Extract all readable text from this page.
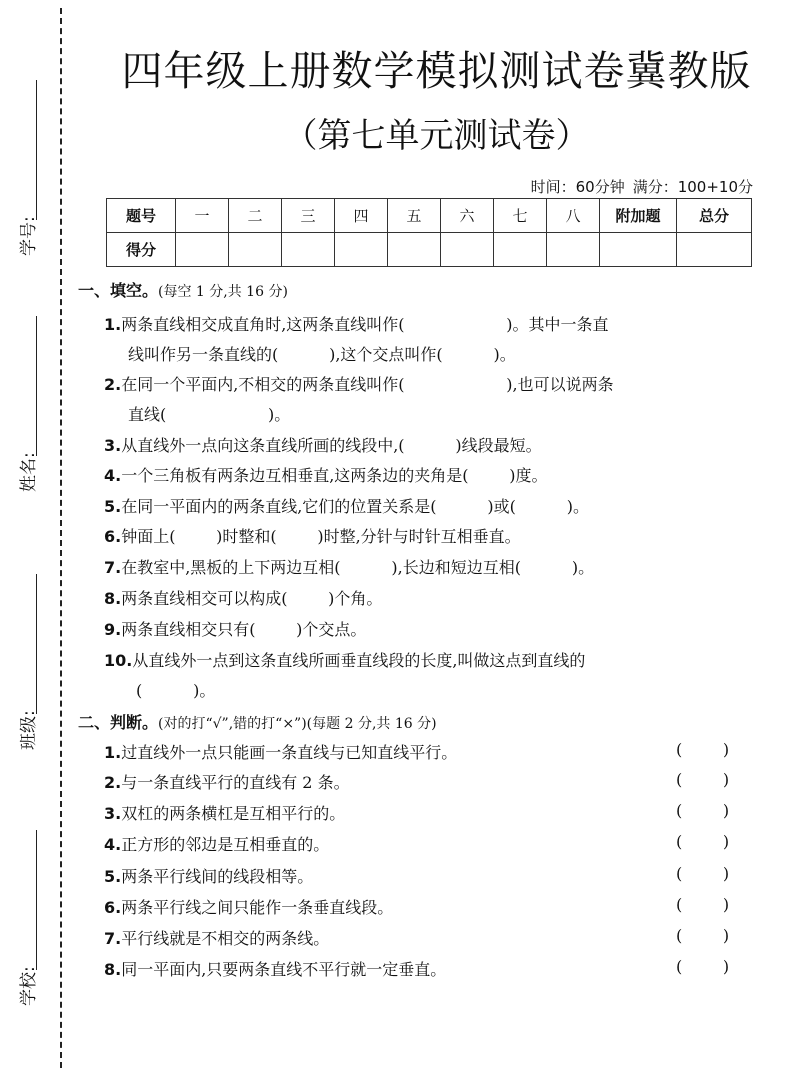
学号:
姓名:
班级:
学校:
四年级上册数学模拟测试卷冀教版
（第七单元测试卷）
时间：60分钟 满分：100+10分
题号	一	二	三	四	五	六	七	八	附加题	总分
得分										
一、填空。(每空 1 分,共 16 分)
1.两条直线相交成直角时,这两条直线叫作(                    )。其中一条直
线叫作另一条直线的(          ),这个交点叫作(          )。
2.在同一个平面内,不相交的两条直线叫作(                    ),也可以说两条
直线(                    )。
3.从直线外一点向这条直线所画的线段中,(          )线段最短。
4.一个三角板有两条边互相垂直,这两条边的夹角是(        )度。
5.在同一平面内的两条直线,它们的位置关系是(          )或(          )。
6.钟面上(        )时整和(        )时整,分针与时针互相垂直。
7.在教室中,黑板的上下两边互相(          ),长边和短边互相(          )。
8.两条直线相交可以构成(        )个角。
9.两条直线相交只有(        )个交点。
10.从直线外一点到这条直线所画垂直线段的长度,叫做这点到直线的
(          )。
二、判断。(对的打“√”,错的打“×”)(每题 2 分,共 16 分)
1.过直线外一点只能画一条直线与已知直线平行。	(        )
2.与一条直线平行的直线有 2 条。	(        )
3.双杠的两条横杠是互相平行的。	(        )
4.正方形的邻边是互相垂直的。	(        )
5.两条平行线间的线段相等。	(        )
6.两条平行线之间只能作一条垂直线段。	(        )
7.平行线就是不相交的两条线。	(        )
8.同一平面内,只要两条直线不平行就一定垂直。	(        )
